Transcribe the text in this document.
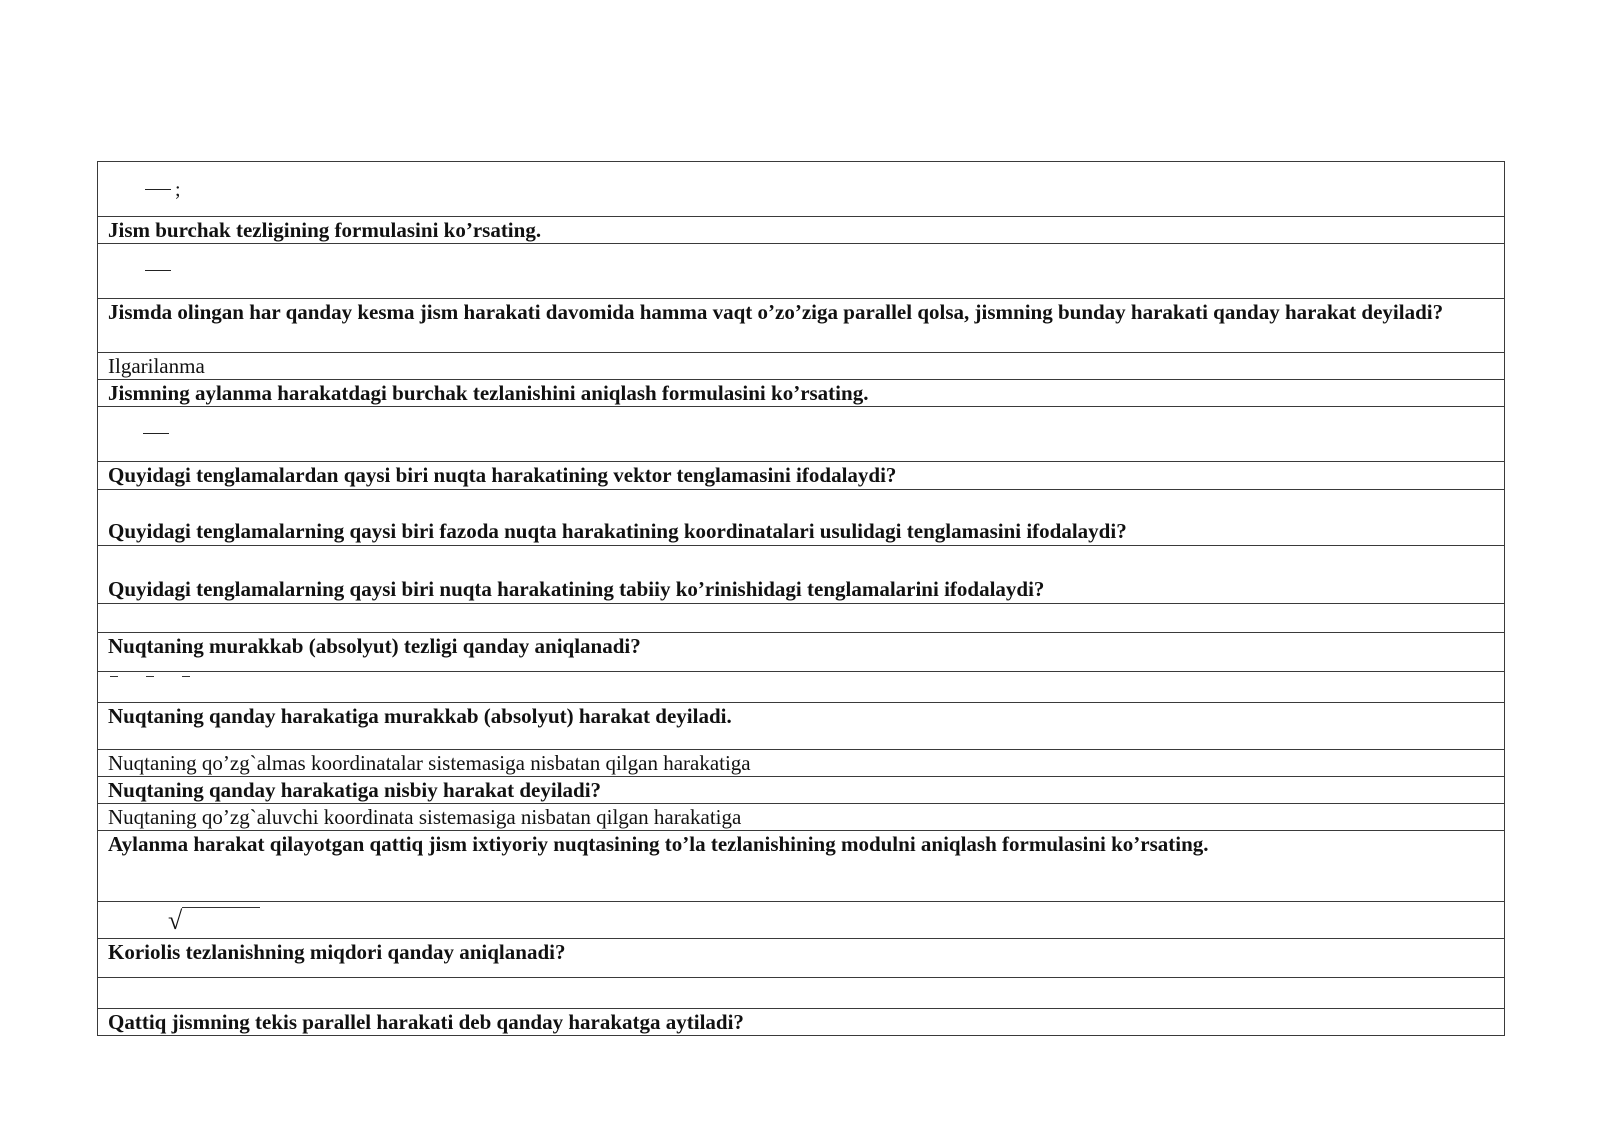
;

Jism burchak tezligining formulasini ko’rsating.

Jismda olingan har qanday kesma jism harakati davomida hamma vaqt o’zo’ziga parallel qolsa, jismning bunday harakati qanday harakat deyiladi?
Ilgarilanma
Jismning aylanma harakatdagi burchak tezlanishini aniqlash formulasini ko’rsating.

Quyidagi tenglamalardan qaysi biri nuqta harakatining vektor tenglamasini ifodalaydi?
Quyidagi tenglamalarning qaysi biri fazoda nuqta harakatining koordinatalari usulidagi tenglamasini ifodalaydi?
Quyidagi tenglamalarning qaysi biri nuqta harakatining tabiiy ko’rinishidagi tenglamalarini ifodalaydi?

Nuqtaning murakkab (absolyut) tezligi qanday aniqlanadi?

Nuqtaning qanday harakatiga murakkab (absolyut) harakat deyiladi.
Nuqtaning qo’zg`almas koordinatalar sistemasiga nisbatan qilgan harakatiga
Nuqtaning qanday harakatiga nisbiy harakat deyiladi?
Nuqtaning qo’zg`aluvchi koordinata sistemasiga nisbatan qilgan harakatiga
Aylanma harakat qilayotgan qattiq jism ixtiyoriy nuqtasining to’la tezlanishining modulni aniqlash formulasini ko’rsating.

√

Koriolis tezlanishning miqdori qanday aniqlanadi?

Qattiq jismning tekis parallel harakati deb qanday harakatga aytiladi?
